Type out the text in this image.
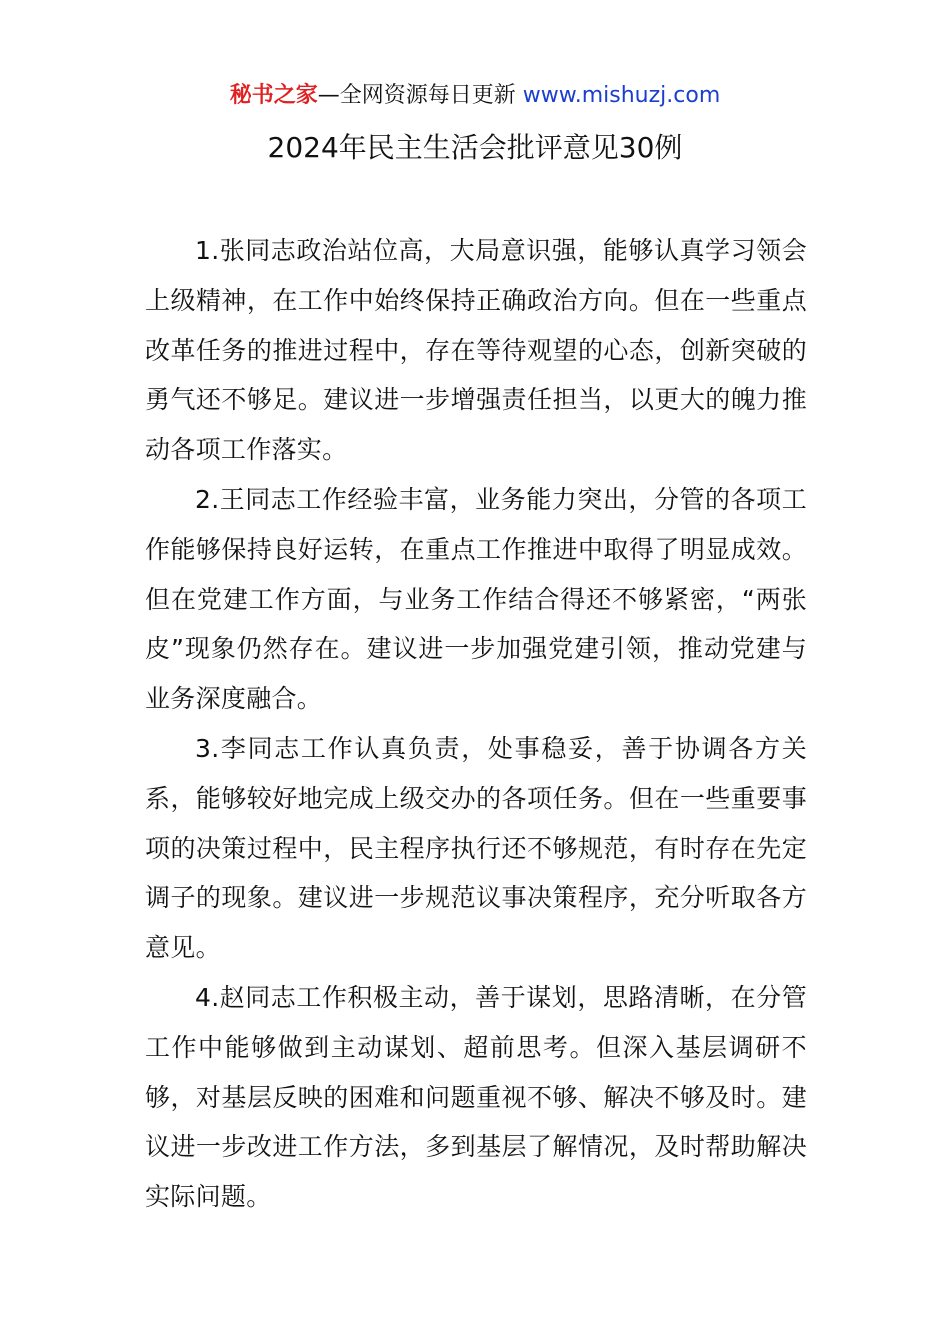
秘书之家—全网资源每日更新 www.mishuzj.com
2024年民主生活会批评意见30例

1.张同志政治站位高，大局意识强，能够认真学习领会上级精神，在工作中始终保持正确政治方向。但在一些重点改革任务的推进过程中，存在等待观望的心态，创新突破的勇气还不够足。建议进一步增强责任担当，以更大的魄力推动各项工作落实。

2.王同志工作经验丰富，业务能力突出，分管的各项工作能够保持良好运转，在重点工作推进中取得了明显成效。但在党建工作方面，与业务工作结合得还不够紧密，“两张皮”现象仍然存在。建议进一步加强党建引领，推动党建与业务深度融合。

3.李同志工作认真负责，处事稳妥，善于协调各方关系，能够较好地完成上级交办的各项任务。但在一些重要事项的决策过程中，民主程序执行还不够规范，有时存在先定调子的现象。建议进一步规范议事决策程序，充分听取各方意见。

4.赵同志工作积极主动，善于谋划，思路清晰，在分管工作中能够做到主动谋划、超前思考。但深入基层调研不够，对基层反映的困难和问题重视不够、解决不够及时。建议进一步改进工作方法，多到基层了解情况，及时帮助解决实际问题。
